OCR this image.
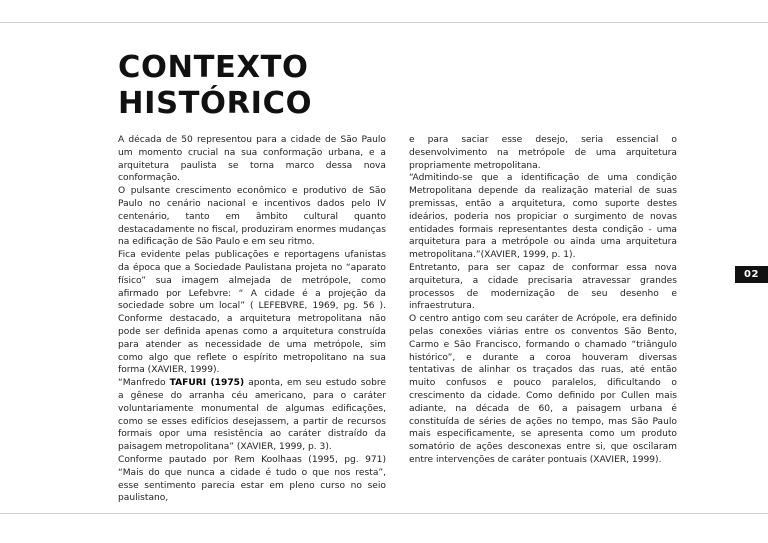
CONTEXTO
HISTÓRICO

A década de 50 representou para a cidade de São Paulo um momento crucial na sua conformação urbana, e a arquitetura paulista se torna marco dessa nova conformação.

O pulsante crescimento econômico e produtivo de São Paulo no cenário nacional e incentivos dados pelo IV centenário, tanto em âmbito cultural quanto destacadamente no fiscal, produziram enormes mudanças na edificação de São Paulo e em seu ritmo.

Fica evidente pelas publicações e reportagens ufanistas da época que a Sociedade Paulistana projeta no “aparato físico” sua imagem almejada de metrópole, como afirmado por Lefebvre: “ A cidade é a projeção da sociedade sobre um local” ( LEFEBVRE, 1969, pg. 56 ). Conforme destacado, a arquitetura metropolitana não pode ser definida apenas como a arquitetura construída para atender as necessidade de uma metrópole, sim como algo que reflete o espírito metropolitano na sua forma (XAVIER, 1999).

“Manfredo TAFURI (1975) aponta, em seu estudo sobre a gênese do arranha céu americano, para o caráter voluntariamente monumental de algumas edificações, como se esses edifícios desejassem, a partir de recursos formais opor uma resistência ao caráter distraído da paisagem metropolitana” (XAVIER, 1999, p. 3).

Conforme pautado por Rem Koolhaas (1995, pg. 971) “Mais do que nunca a cidade é tudo o que nos resta”, esse sentimento parecia estar em pleno curso no seio paulistano,

e para saciar esse desejo, seria essencial o desenvolvimento na metrópole de uma arquitetura propriamente metropolitana.

“Admitindo-se que a identificação de uma condição Metropolitana depende da realização material de suas premissas, então a arquitetura, como suporte destes ideários, poderia nos propiciar o surgimento de novas entidades formais representantes desta condição - uma arquitetura para a metrópole ou ainda uma arquitetura metropolitana.”(XAVIER, 1999, p. 1).

Entretanto, para ser capaz de conformar essa nova arquitetura, a cidade precisaria atravessar grandes processos de modernização de seu desenho e infraestrutura.

O centro antigo com seu caráter de Acrópole, era definido pelas conexões viárias entre os conventos São Bento, Carmo e São Francisco, formando o chamado “triângulo histórico”, e durante a coroa houveram diversas tentativas de alinhar os traçados das ruas, até então muito confusos e pouco paralelos, dificultando o crescimento da cidade. Como definido por Cullen mais adiante, na década de 60, a paisagem urbana é constituída de séries de ações no tempo, mas São Paulo mais especificamente, se apresenta como um produto somatório de ações desconexas entre si, que oscilaram entre intervenções de caráter pontuais (XAVIER, 1999).

02
